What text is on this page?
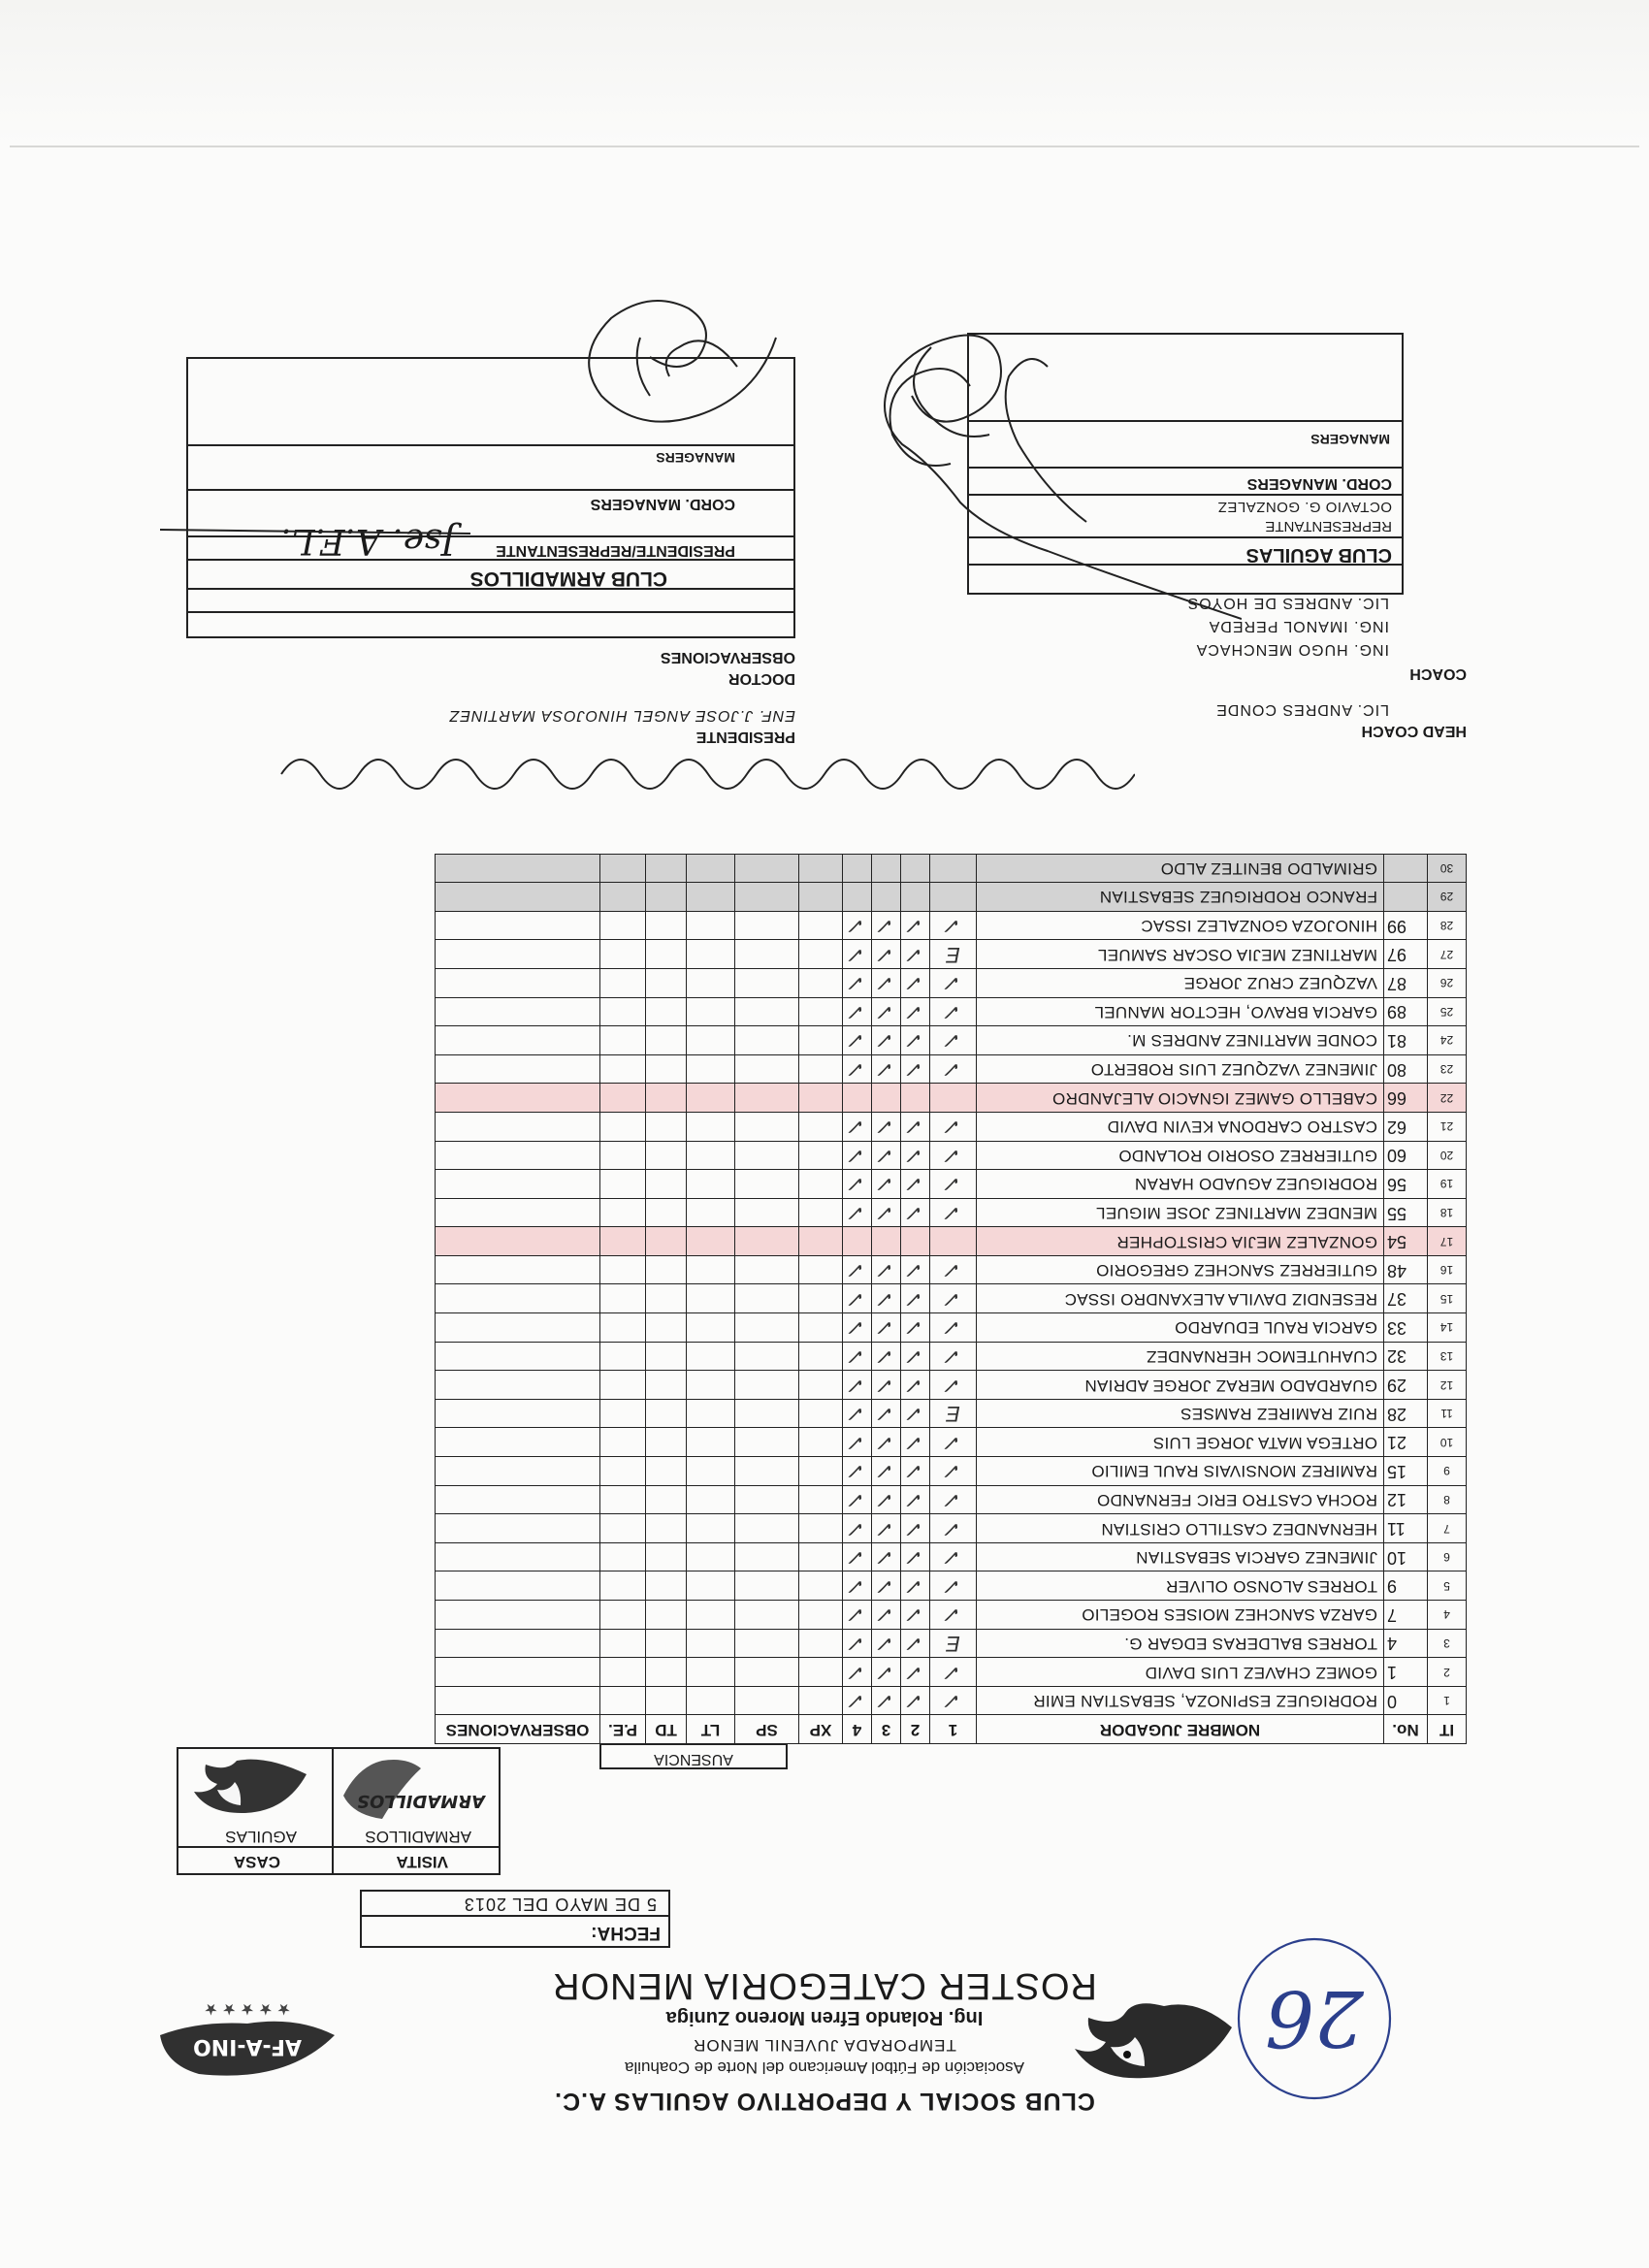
CLUB SOCIAL Y DEPORTIVO AGUILAS A.C.
Asociación de Fútbol Americano del Norte de Coahuila
TEMPORADA JUVENIL MENOR
Ing. Rolando Efren Moreno Zuniga
ROSTER CATEGORIA MENOR 26
AF-A-INO
★ ★ ★ ★ ★
FECHA:
5 DE MAYO DEL 2013
VISITA
CASA
ARMADILLOS
AGUILAS
ARMADILLOS
AUSENCIA
IT	No.	NOMBRE JUGADOR	1	2	3	4	XP	SP	LT	TD	P.E.	OBSERVACIONES
1	0	RODRIGUEZ ESPINOZA, SEBASTIAN EMIR	✓	✓	✓	✓						
2	1	GOMEZ CHAVEZ LUIS DAVID	✓	✓	✓	✓						
3	4	TORRES BALDERAS EDGAR G.	E	✓	✓	✓						
4	7	GARZA SANCHEZ MOISES ROGELIO	✓	✓	✓	✓						
5	9	TORRES ALONSO OLIVER	✓	✓	✓	✓						
6	10	JIMENEZ GARCIA SEBASTIAN	✓	✓	✓	✓						
7	11	HERNANDEZ CASTILLO CRISTIAN	✓	✓	✓	✓						
8	12	ROCHA CASTRO ERIC FERNANDO	✓	✓	✓	✓						
9	15	RAMIREZ MONSIVAIS RAUL EMILIO	✓	✓	✓	✓						
10	21	ORTEGA MATA JORGE LUIS	✓	✓	✓	✓						
11	28	RUIZ RAMIREZ RAMSES	E	✓	✓	✓						
12	29	GUARDADO MERAZ JORGE ADRIAN	✓	✓	✓	✓						
13	32	CUAHUTEMOC HERNANDEZ	✓	✓	✓	✓						
14	33	GARCIA RAUL EDUARDO	✓	✓	✓	✓						
15	37	RESENDIZ DAVILA ALEXANDRO ISSAC	✓	✓	✓	✓						
16	48	GUTIERREZ SANCHEZ GREGORIO	✓	✓	✓	✓						
17	54	GONZALEZ MEJIA CRISTOPHER										
18	55	MENDEZ MARTINEZ JOSE MIGUEL	✓	✓	✓	✓						
19	56	RODRIGUEZ AGUADO HARAN	✓	✓	✓	✓						
20	60	GUTIERREZ OSORIO ROLANDO	✓	✓	✓	✓						
21	62	CASTRO CARDONA KEVIN DAVID	✓	✓	✓	✓						
22	66	CABELLO GAMEZ IGNACIO ALEJANDRO										
23	80	JIMENEZ VAZQUEZ LUIS ROBERTO	✓	✓	✓	✓						
24	81	CONDE MARTINEZ ANDRES M.	✓	✓	✓	✓						
25	89	GARCIA BRAVO, HECTOR MANUEL	✓	✓	✓	✓						
26	87	VAZQUEZ CRUZ JORGE	✓	✓	✓	✓						
27	97	MARTINEZ MEJIA OSCAR SAMUEL	E	✓	✓	✓						
28	99	HINOJOZA GONZALEZ ISSAC	✓	✓	✓	✓						
29		FRANCO RODRIGUEZ SEBASTIAN										
30		GRIMALDO BENITEZ ALDO										
HEAD COACH
LIC. ANDRES CONDE
COACH
ING. HUGO MENCHACA
ING. IMANOL PEREDA
LIC. ANDRES DE HOYOS
PRESIDENTE
ENF. J.JOSE ANGEL HINOJOSA MARTINEZ
DOCTOR
OBSERVACIONES
CLUB AGUILAS
REPRESENTANTE
OCTAVIO G. GONZALEZ
CORD. MANAGERS
MANAGERS
CLUB ARMADILLOS
PRESIDENTE/REPRESENTANTE
CORD. MANAGERS
MANAGERS
Jse. A.F.L.
